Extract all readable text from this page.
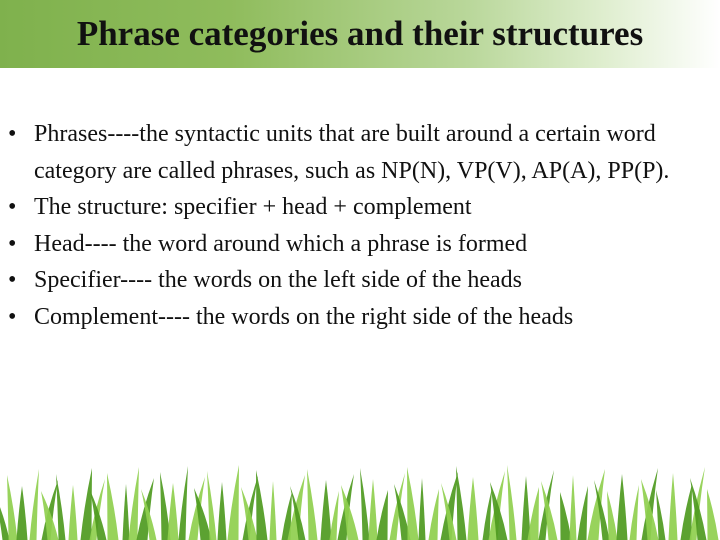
Phrase categories and their structures
• Phrases----the syntactic units that are built around a certain word category are called phrases, such as NP(N), VP(V), AP(A), PP(P).
• The structure: specifier + head + complement
• Head---- the word around which a phrase is formed
• Specifier---- the words on the left side of the heads
• Complement---- the words on the right side of the heads
